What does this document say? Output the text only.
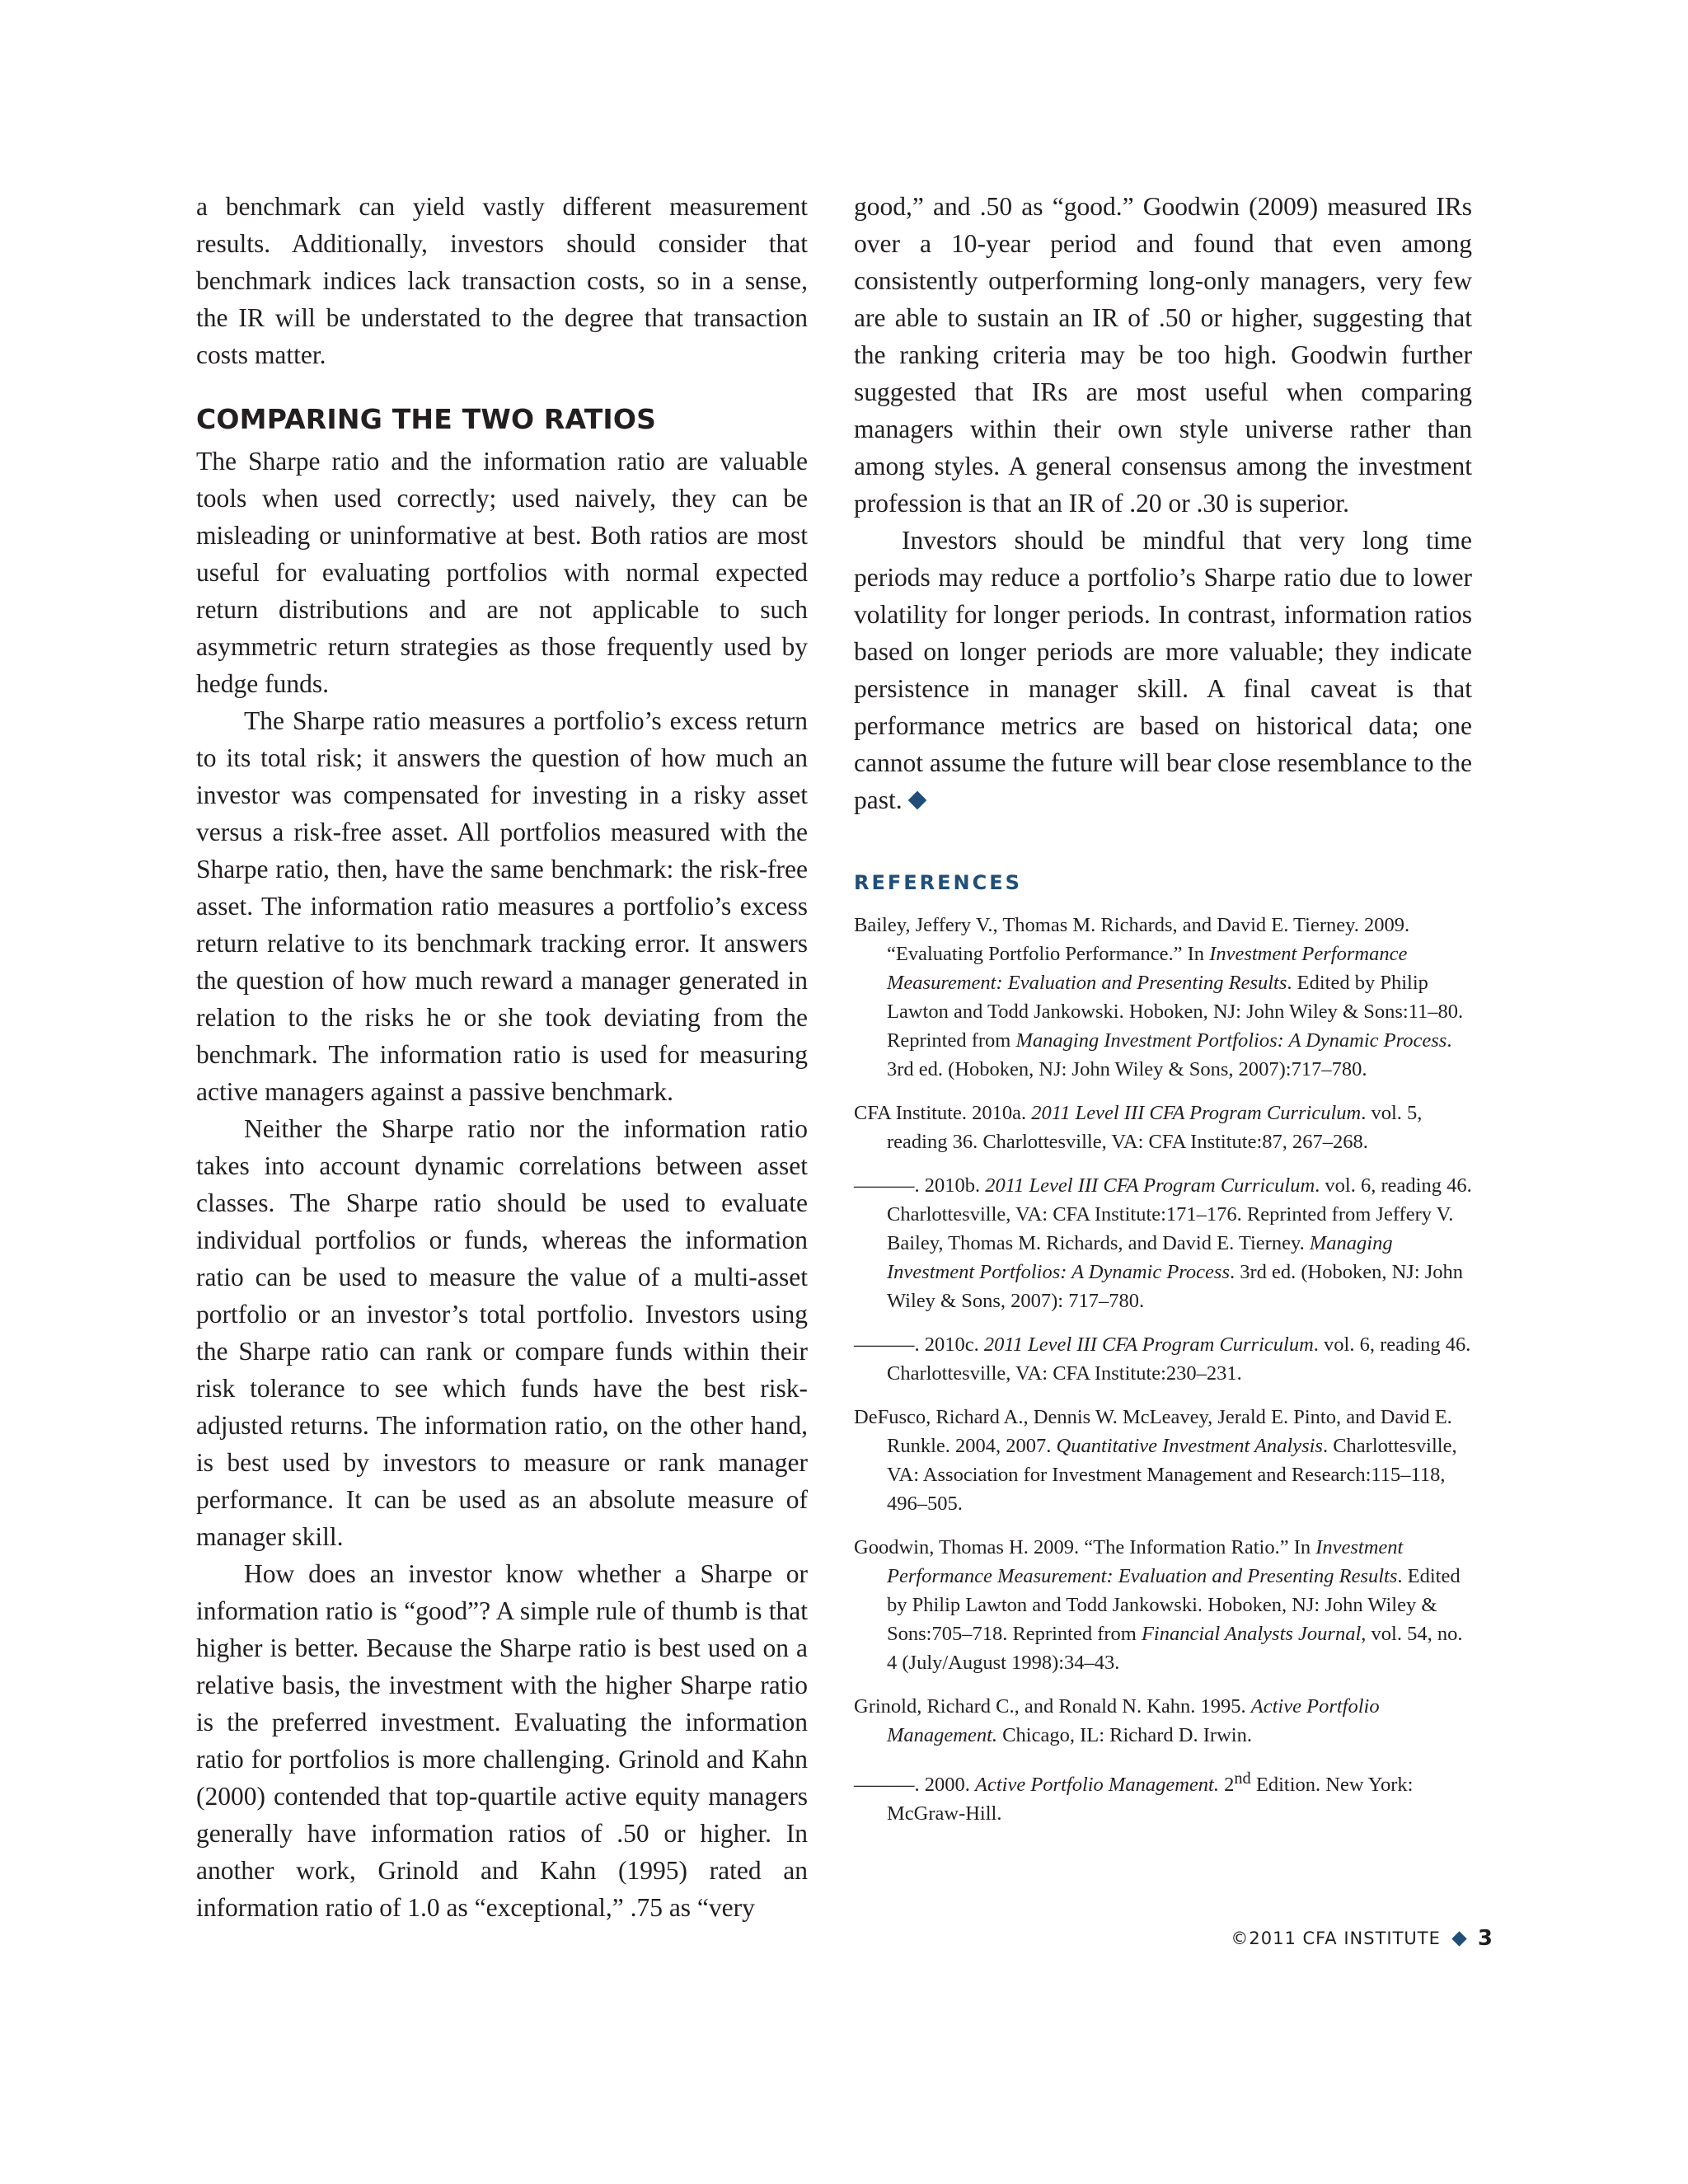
a benchmark can yield vastly different measurement results. Additionally, investors should consider that benchmark indices lack transaction costs, so in a sense, the IR will be understated to the degree that transaction costs matter.

COMPARING THE TWO RATIOS

The Sharpe ratio and the information ratio are valuable tools when used correctly; used naively, they can be misleading or uninformative at best. Both ratios are most useful for evaluating portfolios with normal expected return distributions and are not applicable to such asymmetric return strategies as those frequently used by hedge funds.

The Sharpe ratio measures a portfolio’s excess return to its total risk; it answers the question of how much an investor was compensated for investing in a risky asset versus a risk-free asset. All portfolios measured with the Sharpe ratio, then, have the same benchmark: the risk-free asset. The information ratio measures a portfolio’s excess return relative to its benchmark tracking error. It answers the question of how much reward a manager generated in relation to the risks he or she took deviating from the benchmark. The information ratio is used for measuring active managers against a passive benchmark.

Neither the Sharpe ratio nor the information ratio takes into account dynamic correlations between asset classes. The Sharpe ratio should be used to evaluate individual portfolios or funds, whereas the information ratio can be used to measure the value of a multi-asset portfolio or an investor’s total portfolio. Investors using the Sharpe ratio can rank or compare funds within their risk tolerance to see which funds have the best risk-adjusted returns. The information ratio, on the other hand, is best used by investors to measure or rank manager performance. It can be used as an absolute measure of manager skill.

How does an investor know whether a Sharpe or information ratio is “good”? A simple rule of thumb is that higher is better. Because the Sharpe ratio is best used on a relative basis, the investment with the higher Sharpe ratio is the preferred investment. Evaluating the information ratio for portfolios is more challenging. Grinold and Kahn (2000) contended that top-quartile active equity managers generally have information ratios of .50 or higher. In another work, Grinold and Kahn (1995) rated an information ratio of 1.0 as “exceptional,” .75 as “very

good,” and .50 as “good.” Goodwin (2009) measured IRs over a 10-year period and found that even among consistently outperforming long-only managers, very few are able to sustain an IR of .50 or higher, suggesting that the ranking criteria may be too high. Goodwin further suggested that IRs are most useful when comparing managers within their own style universe rather than among styles. A general consensus among the investment profession is that an IR of .20 or .30 is superior.

Investors should be mindful that very long time periods may reduce a portfolio’s Sharpe ratio due to lower volatility for longer periods. In contrast, information ratios based on longer periods are more valuable; they indicate persistence in manager skill. A final caveat is that performance metrics are based on historical data; one cannot assume the future will bear close resemblance to the past.

REFERENCES

Bailey, Jeffery V., Thomas M. Richards, and David E. Tierney. 2009. “Evaluating Portfolio Performance.” In Investment Performance Measurement: Evaluation and Presenting Results. Edited by Philip Lawton and Todd Jankowski. Hoboken, NJ: John Wiley & Sons:11–80. Reprinted from Managing Investment Portfolios: A Dynamic Process. 3rd ed. (Hoboken, NJ: John Wiley & Sons, 2007):717–780.

CFA Institute. 2010a. 2011 Level III CFA Program Curriculum. vol. 5, reading 36. Charlottesville, VA: CFA Institute:87, 267–268.

———. 2010b. 2011 Level III CFA Program Curriculum. vol. 6, reading 46. Charlottesville, VA: CFA Institute:171–176. Reprinted from Jeffery V. Bailey, Thomas M. Richards, and David E. Tierney. Managing Investment Portfolios: A Dynamic Process. 3rd ed. (Hoboken, NJ: John Wiley & Sons, 2007): 717–780.

———. 2010c. 2011 Level III CFA Program Curriculum. vol. 6, reading 46. Charlottesville, VA: CFA Institute:230–231.

DeFusco, Richard A., Dennis W. McLeavey, Jerald E. Pinto, and David E. Runkle. 2004, 2007. Quantitative Investment Analysis. Charlottesville, VA: Association for Investment Management and Research:115–118, 496–505.

Goodwin, Thomas H. 2009. “The Information Ratio.” In Investment Performance Measurement: Evaluation and Presenting Results. Edited by Philip Lawton and Todd Jankowski. Hoboken, NJ: John Wiley & Sons:705–718. Reprinted from Financial Analysts Journal, vol. 54, no. 4 (July/August 1998):34–43.

Grinold, Richard C., and Ronald N. Kahn. 1995. Active Portfolio Management. Chicago, IL: Richard D. Irwin.

———. 2000. Active Portfolio Management. 2nd Edition. New York: McGraw-Hill.

©2011 CFA INSTITUTE 3
